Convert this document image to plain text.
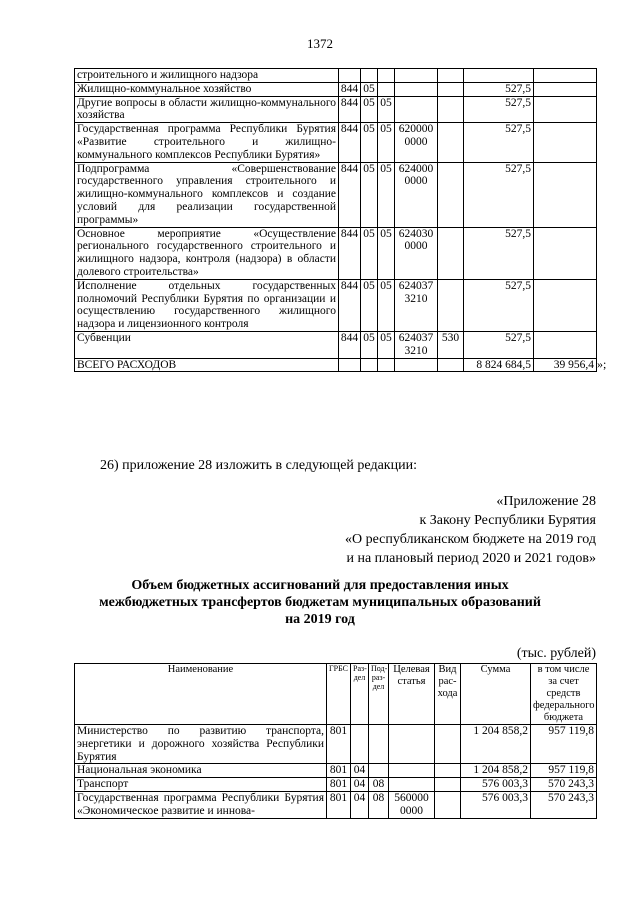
1372
строительного и жилищного надзора							
Жилищно-коммунальное хозяйство	844	05				527,5	
Другие вопросы в области жилищно-коммунального хозяйства	844	05	05			527,5	
Государственная программа Республики Бурятия «Развитие строительного и жилищно-коммунального комплексов Республики Бурятия»	844	05	05	620000 0000		527,5	
Подпрограмма «Совершенствование государственного управления строительного и жилищно-коммунального комплексов и создание условий для реализации государственной программы»	844	05	05	624000 0000		527,5	
Основное мероприятие «Осуществление регионального государственного строительного и жилищного надзора, контроля (надзора) в области долевого строительства»	844	05	05	624030 0000		527,5	
Исполнение отдельных государственных полномочий Республики Бурятия по организации и осуществлению государственного жилищного надзора и лицензионного контроля	844	05	05	624037 3210		527,5	
Субвенции	844	05	05	624037 3210	530	527,5	
ВСЕГО РАСХОДОВ						8 824 684,5	39 956,4 »;
26) приложение 28 изложить в следующей редакции:
«Приложение 28
к Закону Республики Бурятия
«О республиканском бюджете на 2019 год
и на плановый период 2020 и 2021 годов»
Объем бюджетных ассигнований для предоставления иных
межбюджетных трансфертов бюджетам муниципальных образований
на 2019 год
(тыс. рублей)
Наименование	ГРБС	Раз-дел	Под-раз-дел	Целевая статья	Вид рас-хода	Сумма	в том числе за счет средств федерального бюджета
Министерство по развитию транспорта, энергетики и дорожного хозяйства Республики Бурятия	801					1 204 858,2	957 119,8
Национальная экономика	801	04				1 204 858,2	957 119,8
Транспорт	801	04	08			576 003,3	570 243,3
Государственная программа Республики Бурятия «Экономическое развитие и иннова-	801	04	08	560000 0000		576 003,3	570 243,3
